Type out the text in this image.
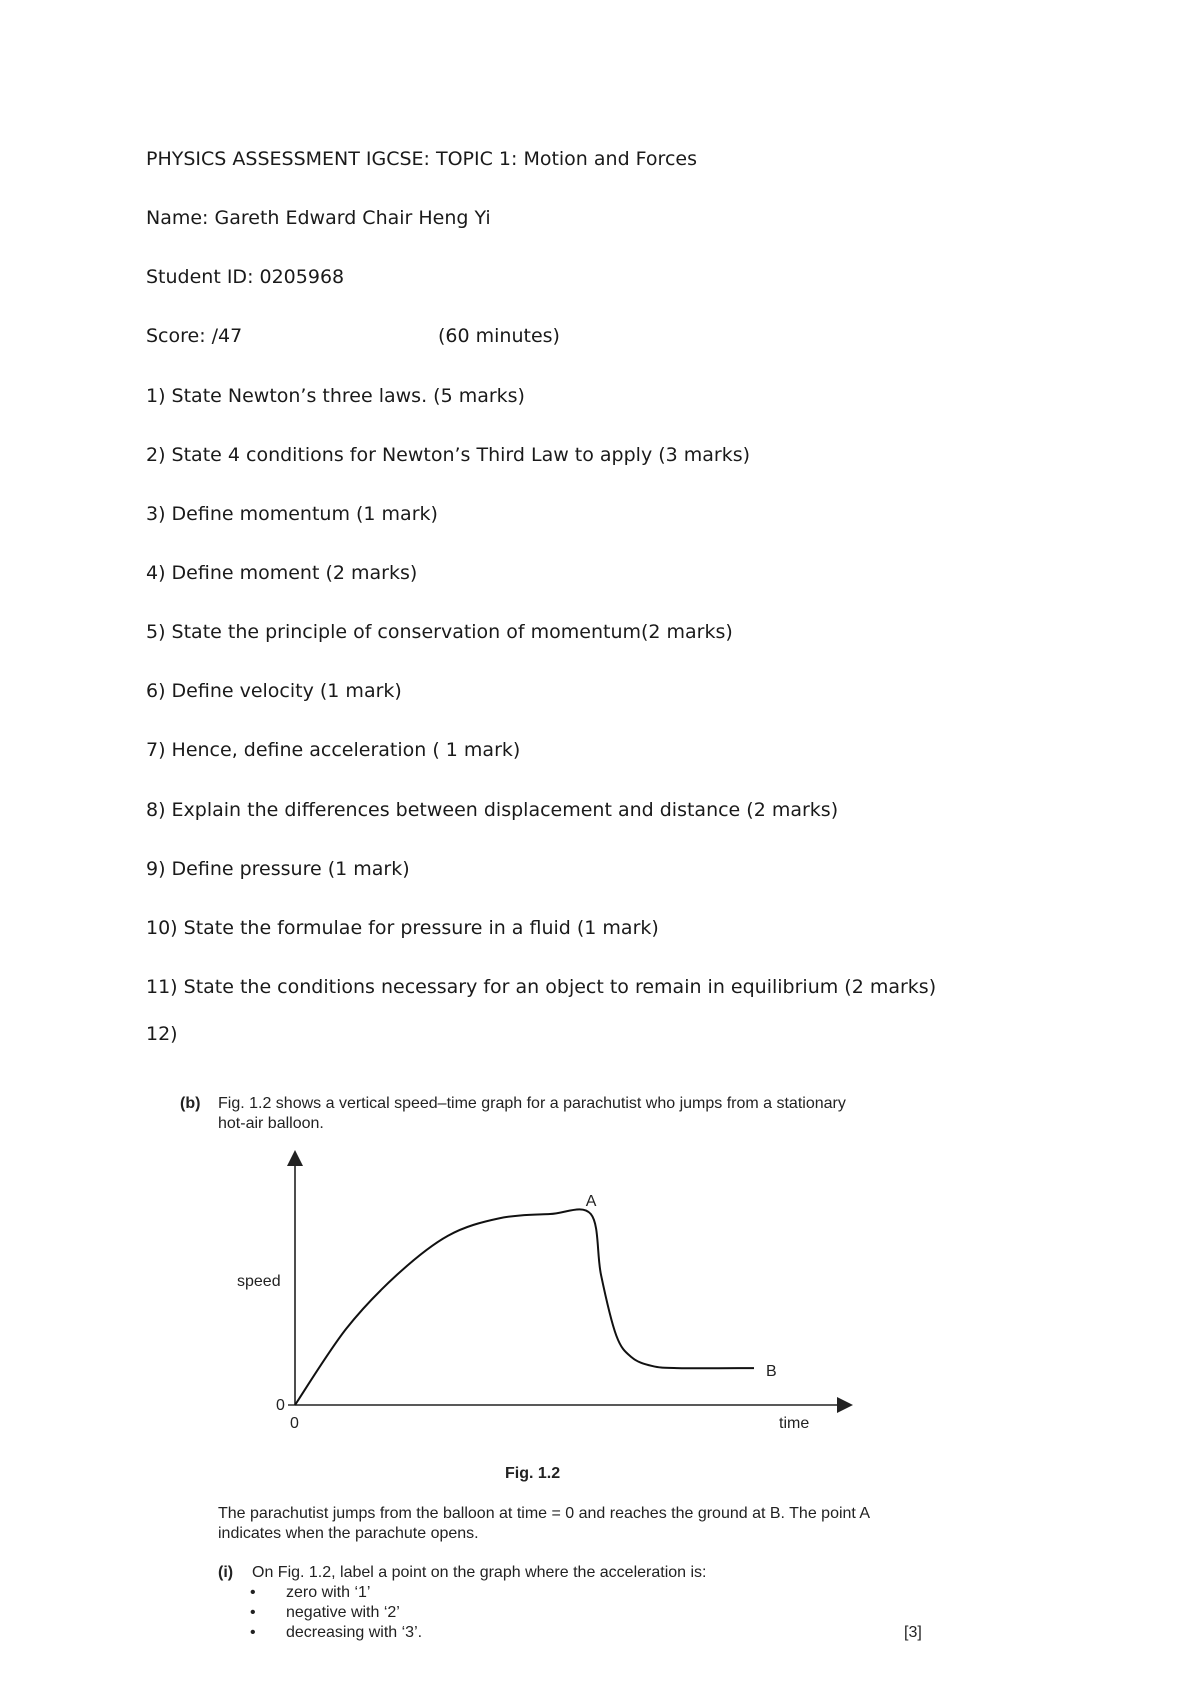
PHYSICS ASSESSMENT IGCSE: TOPIC 1: Motion and Forces

Name: Gareth Edward Chair Heng Yi

Student ID: 0205968

Score: /47	(60 minutes)

1) State Newton’s three laws. (5 marks)

2) State 4 conditions for Newton’s Third Law to apply (3 marks)

3) Define momentum (1 mark)

4) Define moment (2 marks)

5) State the principle of conservation of momentum(2 marks)

6) Define velocity (1 mark)

7) Hence, define acceleration ( 1 mark)

8) Explain the differences between displacement and distance (2 marks)

9) Define pressure (1 mark)

10) State the formulae for pressure in a fluid (1 mark)

11) State the conditions necessary for an object to remain in equilibrium (2 marks)

12)

(b) Fig. 1.2 shows a vertical speed–time graph for a parachutist who jumps from a stationary
hot-air balloon.
speed
time
0
0
A
B
Fig. 1.2
The parachutist jumps from the balloon at time = 0 and reaches the ground at B. The point A
indicates when the parachute opens.
(i) On Fig. 1.2, label a point on the graph where the acceleration is:
• zero with ‘1’
• negative with ‘2’
• decreasing with ‘3’.	[3]
